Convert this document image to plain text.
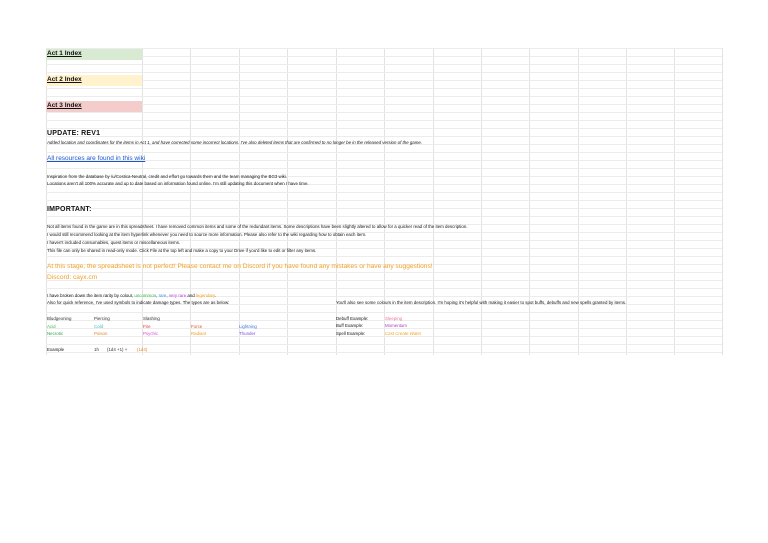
Act 1 Index
Act 2 Index
Act 3 Index
UPDATE: REV1
Added location and coordinates for the items in Act 1, and have corrected some incorrect locations. I've also deleted items that are confirmed to no longer be in the released version of the game.
All resources are found in this wiki
Inspiration from the database by /u/Costica-Neutral, credit and effort go towards them and the team managing the BG3 wiki.
Locations aren't all 100% accurate and up to date based on information found online. I'm still updating this document when I have time.
IMPORTANT:
Not all items found in the game are in this spreadsheet. I have removed common items and some of the redundant items. Some descriptions have been slightly altered to allow for a quicker read of the item description.
I would still recommend looking at the item hyperlink whenever you need to source more information. Please also refer to the wiki regarding how to obtain each item.
I haven't included consumables, quest items or miscellaneous items.
This file can only be shared in read-only mode. Click File at the top left and make a copy to your Drive if you'd like to edit or filter any items.
At this stage, the spreadsheet is not perfect! Please contact me on Discord if you have found any mistakes or have any suggestions!
Discord: cayx.cm
I have broken down the item rarity by colour, uncommon, rare, very rare and legendary.
Also for quick reference, I've used symbols to indicate damage types. The types are as below:	You'll also see some colours in the item description. I'm hoping it's helpful with making it easier to spot buffs, debuffs and new spells granted by items.
Bludgeoning	Piercing	Slashing
Acid	Cold	Fire	Force	Lightning
Necrotic	Poison	Psychic	Radiant	Thunder
Debuff Example:	Sleeping
Buff Example:	Momentum
Spell Example:	Cast Create Water
Example	1h (1d4 +1) + (1d4)
